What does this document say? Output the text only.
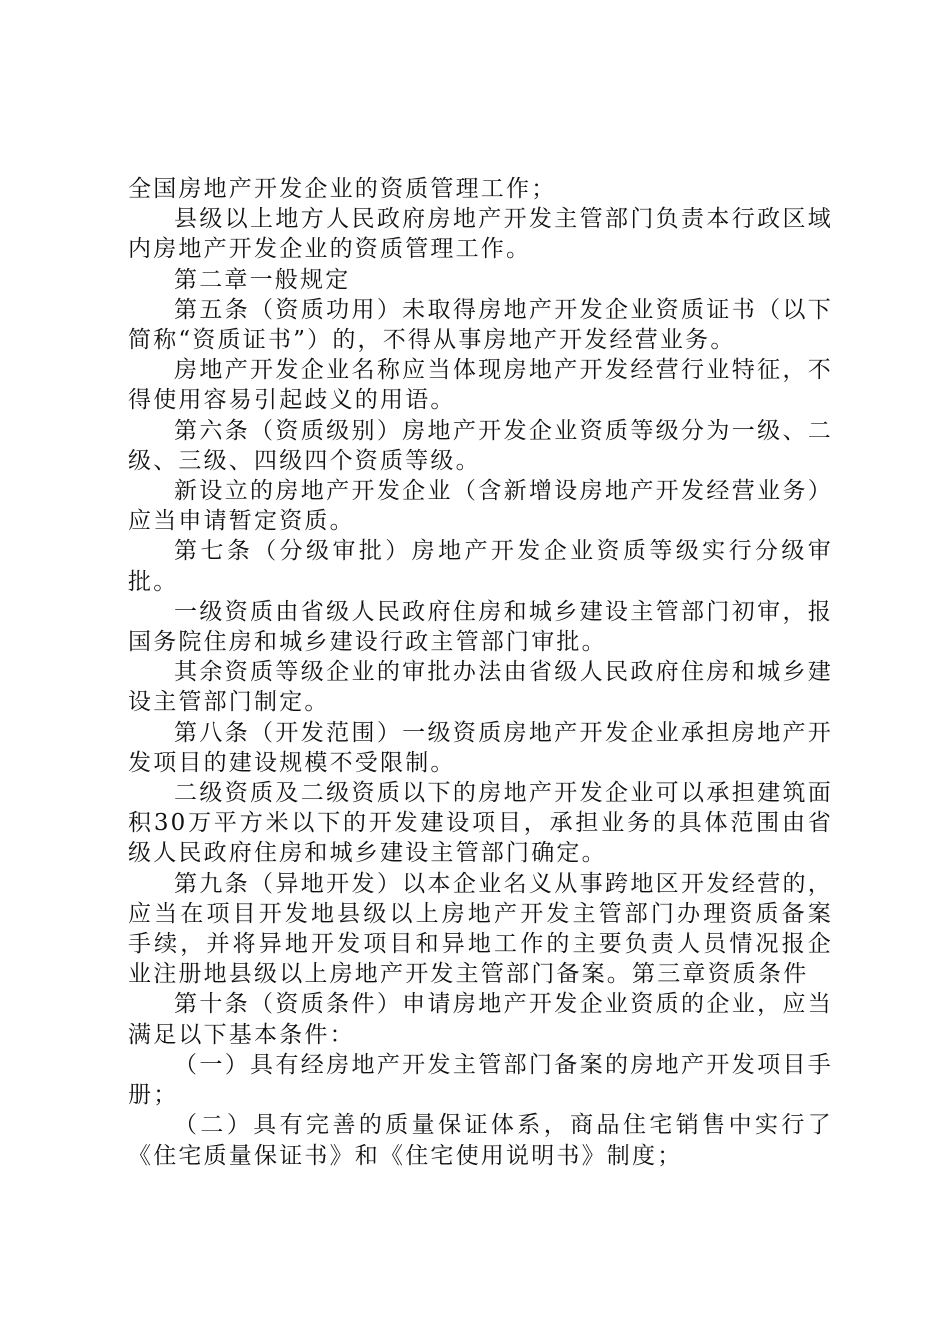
全国房地产开发企业的资质管理工作；

县级以上地方人民政府房地产开发主管部门负责本行政区域内房地产开发企业的资质管理工作。

第二章一般规定

第五条（资质功用）未取得房地产开发企业资质证书（以下简称“资质证书”）的，不得从事房地产开发经营业务。

房地产开发企业名称应当体现房地产开发经营行业特征，不得使用容易引起歧义的用语。

第六条（资质级别）房地产开发企业资质等级分为一级、二级、三级、四级四个资质等级。

新设立的房地产开发企业（含新增设房地产开发经营业务）应当申请暂定资质。

第七条（分级审批）房地产开发企业资质等级实行分级审批。

一级资质由省级人民政府住房和城乡建设主管部门初审，报国务院住房和城乡建设行政主管部门审批。

其余资质等级企业的审批办法由省级人民政府住房和城乡建设主管部门制定。

第八条（开发范围）一级资质房地产开发企业承担房地产开发项目的建设规模不受限制。

二级资质及二级资质以下的房地产开发企业可以承担建筑面积30万平方米以下的开发建设项目，承担业务的具体范围由省级人民政府住房和城乡建设主管部门确定。

第九条（异地开发）以本企业名义从事跨地区开发经营的，应当在项目开发地县级以上房地产开发主管部门办理资质备案手续，并将异地开发项目和异地工作的主要负责人员情况报企业注册地县级以上房地产开发主管部门备案。第三章资质条件

第十条（资质条件）申请房地产开发企业资质的企业，应当满足以下基本条件：

（一）具有经房地产开发主管部门备案的房地产开发项目手册；

（二）具有完善的质量保证体系，商品住宅销售中实行了《住宅质量保证书》和《住宅使用说明书》制度；
